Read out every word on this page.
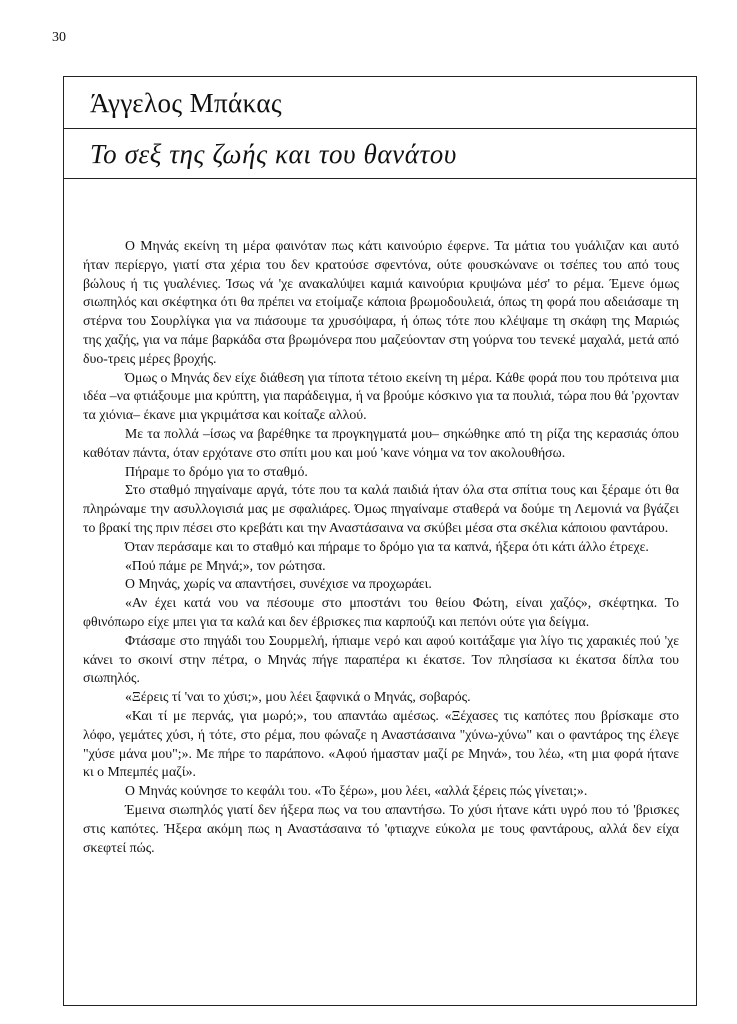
30
Άγγελος Μπάκας
Το σεξ της ζωής και του θανάτου

Ο Μηνάς εκείνη τη μέρα φαινόταν πως κάτι καινούριο έφερνε. Τα μάτια του γυάλιζαν και αυτό ήταν περίεργο, γιατί στα χέρια του δεν κρατούσε σφεντόνα, ούτε φουσκώνανε οι τσέπες του από τους βώλους ή τις γυαλένιες. Ίσως νά 'χε ανακαλύψει καμιά καινούρια κρυψώνα μέσ' το ρέμα. Έμενε όμως σιωπηλός και σκέφτηκα ότι θα πρέπει να ετοίμαζε κάποια βρωμοδουλειά, όπως τη φορά που αδειάσαμε τη στέρνα του Σουρλίγκα για να πιάσουμε τα χρυσόψαρα, ή όπως τότε που κλέψαμε τη σκάφη της Μαριώς της χαζής, για να πάμε βαρκάδα στα βρωμόνερα που μαζεύονταν στη γούρνα του τενεκέ μαχαλά, μετά από δυο-τρεις μέρες βροχής.

Όμως ο Μηνάς δεν είχε διάθεση για τίποτα τέτοιο εκείνη τη μέρα. Κάθε φορά που του πρότεινα μια ιδέα –να φτιάξουμε μια κρύπτη, για παράδειγμα, ή να βρούμε κόσκινο για τα πουλιά, τώρα που θά 'ρχονταν τα χιόνια– έκανε μια γκριμάτσα και κοίταζε αλλού.

Με τα πολλά –ίσως να βαρέθηκε τα προγκηγματά μου– σηκώθηκε από τη ρίζα της κερασιάς όπου καθόταν πάντα, όταν ερχότανε στο σπίτι μου και μού 'κανε νόημα να τον ακολουθήσω.

Πήραμε το δρόμο για το σταθμό.

Στο σταθμό πηγαίναμε αργά, τότε που τα καλά παιδιά ήταν όλα στα σπίτια τους και ξέραμε ότι θα πληρώναμε την ασυλλογισιά μας με σφαλιάρες. Όμως πηγαίναμε σταθερά να δούμε τη Λεμονιά να βγάζει το βρακί της πριν πέσει στο κρεβάτι και την Αναστάσαινα να σκύβει μέσα στα σκέλια κάποιου φαντάρου.

Όταν περάσαμε και το σταθμό και πήραμε το δρόμο για τα καπνά, ήξερα ότι κάτι άλλο έτρεχε.

«Πού πάμε ρε Μηνά;», τον ρώτησα.

Ο Μηνάς, χωρίς να απαντήσει, συνέχισε να προχωράει.

«Αν έχει κατά νου να πέσουμε στο μποστάνι του θείου Φώτη, είναι χαζός», σκέφτηκα. Το φθινόπωρο είχε μπει για τα καλά και δεν έβρισκες πια καρπούζι και πεπόνι ούτε για δείγμα.

Φτάσαμε στο πηγάδι του Σουρμελή, ήπιαμε νερό και αφού κοιτάξαμε για λίγο τις χαρακιές πού 'χε κάνει το σκοινί στην πέτρα, ο Μηνάς πήγε παραπέρα κι έκατσε. Τον πλησίασα κι έκατσα δίπλα του σιωπηλός.

«Ξέρεις τί 'ναι το χύσι;», μου λέει ξαφνικά ο Μηνάς, σοβαρός.

«Και τί με περνάς, για μωρό;», του απαντάω αμέσως. «Ξέχασες τις καπότες που βρίσκαμε στο λόφο, γεμάτες χύσι, ή τότε, στο ρέμα, που φώναζε η Αναστάσαινα "χύνω-χύνω" και ο φαντάρος της έλεγε "χύσε μάνα μου";». Με πήρε το παράπονο. «Αφού ήμασταν μαζί ρε Μηνά», του λέω, «τη μια φορά ήτανε κι ο Μπεμπές μαζί».

Ο Μηνάς κούνησε το κεφάλι του. «Το ξέρω», μου λέει, «αλλά ξέρεις πώς γίνεται;».

Έμεινα σιωπηλός γιατί δεν ήξερα πως να του απαντήσω. Το χύσι ήτανε κάτι υγρό που τό 'βρισκες στις καπότες. Ήξερα ακόμη πως η Αναστάσαινα τό 'φτιαχνε εύκολα με τους φαντάρους, αλλά δεν είχα σκεφτεί πώς.
